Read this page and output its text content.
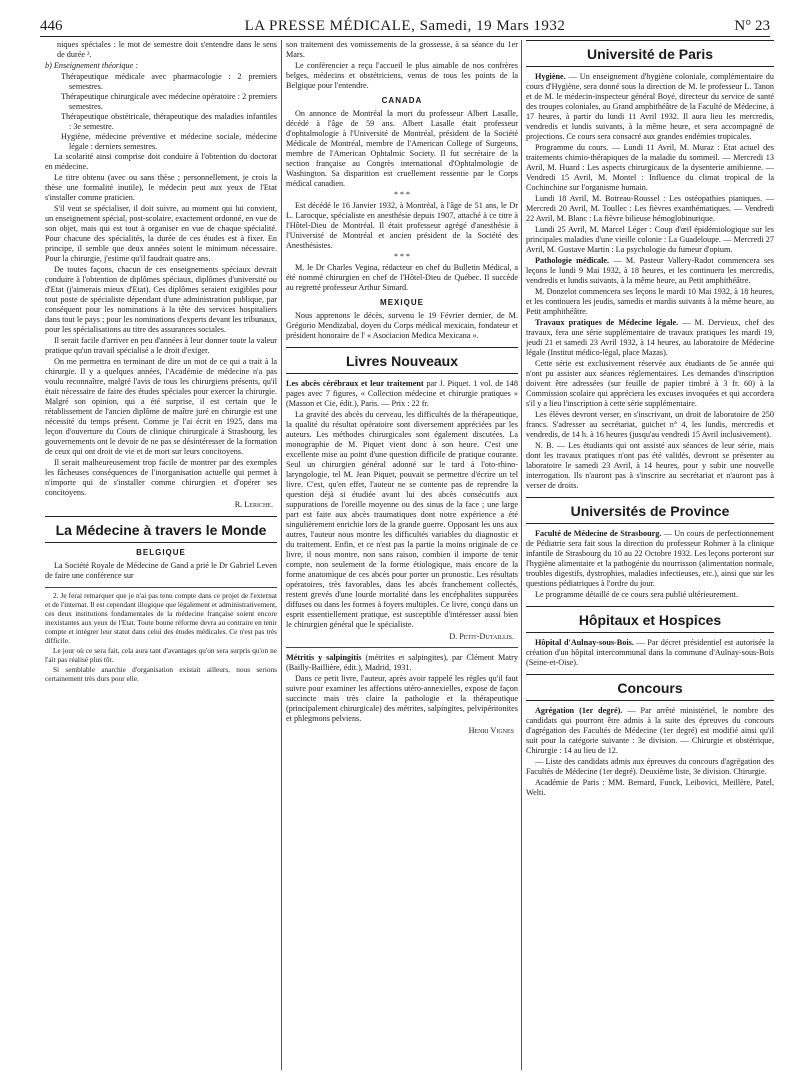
446	LA PRESSE MÉDICALE, Samedi, 19 Mars 1932	N° 23

niques spéciales : le mot de semestre doit s'entendre dans le sens de durée ².

b) Enseignement théorique :

Thérapeutique médicale avec pharmacologie : 2 premiers semestres.

Thérapeutique chirurgicale avec médecine opératoire : 2 premiers semestres.

Thérapeutique obstétricale, thérapeutique des maladies infantiles : 3e semestre.

Hygiène, médecine préventive et médecine sociale, médecine légale : derniers semestres.

La scolarité ainsi comprise doit conduire à l'obtention du doctorat en médecine.

Le titre obtenu (avec ou sans thèse ; personnellement, je crois la thèse une formalité inutile), le médecin peut aux yeux de l'Etat s'installer comme praticien.

S'il veut se spécialiser, il doit suivre, au moment qui lui convient, un enseignement spécial, post-scolaire, exactement ordonné, en vue de son objet, mais qui est tout à organiser en vue de chaque spécialité. Pour chacune des spécialités, la durée de ces études est à fixer. En principe, il semble que deux années soient le minimum nécessaire. Pour la chirurgie, j'estime qu'il faudrait quatre ans.

De toutes façons, chacun de ces enseignements spéciaux devrait conduire à l'obtention de diplômes spéciaux, diplômes d'université ou d'Etat (j'aimerais mieux d'Etat). Ces diplômes seraient exigibles pour tout poste de spécialiste dépendant d'une administration publique, par conséquent pour les nominations à la tête des services hospitaliers dans tout le pays ; pour les nominations d'experts devant les tribunaux, pour les spécialisations au titre des assurances sociales.

Il serait facile d'arriver en peu d'années à leur donner toute la valeur pratique qu'un travail spécialisé a le droit d'exiger.

On me permettra en terminant de dire un mot de ce qui a trait à la chirurgie. Il y a quelques années, l'Académie de médecine n'a pas voulu reconnaître, malgré l'avis de tous les chirurgiens présents, qu'il était nécessaire de faire des études spéciales pour exercer la chirurgie. Malgré son opinion, qui a été surprise, il est certain que le rétablissement de l'ancien diplôme de maître juré en chirurgie est une nécessité du temps présent. Comme je l'ai écrit en 1925, dans ma leçon d'ouverture du Cours de clinique chirurgicale à Strasbourg, les gouvernements ont le devoir de ne pas se désintéresser de la formation de ceux qui ont droit de vie et de mort sur leurs concitoyens.

Il serait malheureusement trop facile de montrer par des exemples les fâcheuses conséquences de l'inorganisation actuelle qui permet à n'importe qui de s'installer comme chirurgien et d'opérer ses concitoyens.

R. Leriche.
La Médecine à travers le Monde
BELGIQUE

La Société Royale de Médecine de Gand a prié le Dr Gabriel Leven de faire une conférence sur

2. Je ferai remarquer que je n'ai pas tenu compte dans ce projet de l'externat et de l'internat. Il est cependant illogique que légalement et administrativement, ces deux institutions fondamentales de la médecine française soient encore inexistantes aux yeux de l'Etat. Toute bonne réforme devra au contraire en tenir compte et intégrer leur statut dans celui des études médicales. Ce n'est pas très difficile.

Le jour où ce sera fait, cela aura tant d'avantages qu'on sera surpris qu'on ne l'ait pas réalisé plus tôt.

Si semblable anarchie d'organisation existait ailleurs, nous serions certainement très durs pour elle.

son traitement des vomissements de la grossesse, à sa séance du 1er Mars.

Le conférencier a reçu l'accueil le plus aimable de nos confrères belges, médecins et obstétriciens, venus de tous les points de la Belgique pour l'entendre.

CANADA

On annonce de Montréal la mort du professeur Albert Lasalle, décédé à l'âge de 59 ans. Albert Lasalle était professeur d'ophtalmologie à l'Université de Montréal, président de la Société Médicale de Montréal, membre de l'American College of Surgeons, membre de l'American Ophtalmic Society. Il fut secrétaire de la section française au Congrès international d'Ophtalmologie de Washington. Sa disparition est cruellement ressentie par le Corps médical canadien.

* * *

Est décédé le 16 Janvier 1932, à Montréal, à l'âge de 51 ans, le Dr L. Larocque, spécialiste en anesthésie depuis 1907, attaché à ce titre à l'Hôtel-Dieu de Montréal. Il était professeur agrégé d'anesthésie à l'Université de Montréal et ancien président de la Société des Anesthésistes.

* * *

M. le Dr Charles Vegina, rédacteur en chef du Bulletin Médical, a été nommé chirurgien en chef de l'Hôtel-Dieu de Québec. Il succède au regretté professeur Arthur Simard.

MEXIQUE

Nous apprenons le décès, survenu le 19 Février dernier, de M. Grégorio Mendizabal, doyen du Corps médical mexicain, fondateur et président honoraire de l' « Asociacion Medica Mexicana ».

Livres Nouveaux

Les abcès cérébraux et leur traitement par J. Piquet. 1 vol. de 148 pages avec 7 figures, « Collection médecine et chirurgie pratiques » (Masson et Cie, édit.), Paris. — Prix : 22 fr.

La gravité des abcès du cerveau, les difficultés de la thérapeutique, la qualité du résultat opératoire sont diversement appréciées par les auteurs. Les méthodes chirurgicales sont également discutées. La monographie de M. Piquet vient donc à son heure. C'est une excellente mise au point d'une question difficile de pratique courante. Seul un chirurgien général adonné sur le tard à l'oto-rhino-laryngologie, tel M. Jean Piquet, pouvait se permettre d'écrire un tel livre. C'est, qu'en effet, l'auteur ne se contente pas de reprendre la question déjà si étudiée avant lui des abcès consécutifs aux suppurations de l'oreille moyenne ou des sinus de la face ; une large part est faite aux abcès traumatiques dont notre expérience a été singulièrement enrichie lors de la grande guerre. Opposant les uns aux autres, l'auteur nous montre les difficultés variables du diagnostic et du traitement. Enfin, et ce n'est pas la partie la moins originale de ce livre, il nous montre, non sans raison, combien il importe de tenir compte, non seulement de la forme étiologique, mais encore de la forme anatomique de ces abcès pour porter un pronostic. Les résultats opératoires, très favorables, dans les abcès franchement collectés, restent grevés d'une lourde mortalité dans les encéphalites suppurées diffuses ou dans les formes à foyers multiples. Ce livre, conçu dans un esprit essentiellement pratique, est susceptible d'intéresser aussi bien le chirurgien général que le spécialiste.

D. Petit-Dutaillis.

Métritis y salpingitis (métrites et salpingites), par Clément Matry (Bailly-Baillière, édit.), Madrid, 1931.

Dans ce petit livre, l'auteur, après avoir rappelé les règles qu'il faut suivre pour examiner les affections utéro-annexielles, expose de façon succincte mais très claire la pathologie et la thérapeutique (principalement chirurgicale) des métrites, salpingites, pelvipéritonites et phlegmons pelviens.

Henri Vignes
Université de Paris

Hygiène. — Un enseignement d'hygiène coloniale, complémentaire du cours d'Hygiène, sera donné sous la direction de M. le professeur L. Tanon et de M. le médecin-inspecteur général Boyé, directeur du service de santé des troupes coloniales, au Grand amphithéâtre de la Faculté de Médecine, à 17 heures, à partir du lundi 11 Avril 1932. Il aura lieu les mercredis, vendredis et lundis suivants, à la même heure, et sera accompagné de projections. Ce cours sera consacré aux grandes endémies tropicales.

Programme du cours. — Lundi 11 Avril, M. Muraz : Etat actuel des traitements chimio-thérapiques de la maladie du sommeil. — Mercredi 13 Avril, M. Huard : Les aspects chirurgicaux de la dysenterie amibienne. — Vendredi 15 Avril, M. Montel : Influence du climat tropical de la Cochinchine sur l'organisme humain.

Lundi 18 Avril, M. Botreau-Roussel : Les ostéopathies pianiques. — Mercredi 20 Avril, M. Toullec : Les fièvres exanthématiques. — Vendredi 22 Avril, M. Blanc : La fièvre bilieuse hémoglobinurique.

Lundi 25 Avril, M. Marcel Léger : Coup d'œil épidémiologique sur les principales maladies d'une vieille colonie : La Guadeloupe. — Mercredi 27 Avril, M. Gustave Martin : La psychologie du fumeur d'opium.

Pathologie médicale. — M. Pasteur Vallery-Radot commencera ses leçons le lundi 9 Mai 1932, à 18 heures, et les continuera les mercredis, vendredis et lundis suivants, à la même heure, au Petit amphithéâtre.

M. Donzelot commencera ses leçons le mardi 10 Mai 1932, à 18 heures, et les continuera les jeudis, samedis et mardis suivants à la même heure, au Petit amphithéâtre.

Travaux pratiques de Médecine légale. — M. Dervieux, chef des travaux, fera une série supplémentaire de travaux pratiques les mardi 19, jeudi 21 et samedi 23 Avril 1932, à 14 heures, au laboratoire de Médecine légale (Institut médico-légal, place Mazas).

Cette série est exclusivement réservée aux étudiants de 5e année qui n'ont pu assister aux séances réglementaires. Les demandes d'inscription doivent être adressées (sur feuille de papier timbré à 3 fr. 60) à la Commission scolaire qui appréciera les excuses invoquées et qui accordera s'il y a lieu l'inscription à cette série supplémentaire.

Les élèves devront verser, en s'inscrivant, un droit de laboratoire de 250 francs. S'adresser au secrétariat, guichet n° 4, les lundis, mercredis et vendredis, de 14 h. à 16 heures (jusqu'au vendredi 15 Avril inclusivement).

N. B. — Les étudiants qui ont assisté aux séances de leur série, mais dont les travaux pratiques n'ont pas été validés, devront se présenter au laboratoire le samedi 23 Avril, à 14 heures, pour y subir une nouvelle interrogation. Ils n'auront pas à s'inscrire au secrétariat et n'auront pas à verser de droits.

Universités de Province

Faculté de Médecine de Strasbourg. — Un cours de perfectionnement de Pédiatrie sera fait sous la direction du professeur Rohmer à la clinique infantile de Strasbourg du 10 au 22 Octobre 1932. Les leçons porteront sur l'hygiène alimentaire et la pathogénie du nourrisson (alimentation normale, troubles digestifs, dystrophies, maladies infectieuses, etc.), ainsi que sur les questions pédiatriques à l'ordre du jour.

Le programme détaillé de ce cours sera publié ultérieurement.

Hôpitaux et Hospices

Hôpital d'Aulnay-sous-Bois. — Par décret présidentiel est autorisée la création d'un hôpital intercommunal dans la commune d'Aulnay-sous-Bois (Seine-et-Oise).

Concours

Agrégation (1er degré). — Par arrêté ministériel, le nombre des candidats qui pourront être admis à la suite des épreuves du concours d'agrégation des Facultés de Médecine (1er degré) est modifié ainsi qu'il suit pour la catégorie suivante : 3e division. — Chirurgie et obstétrique, Chirurgie : 14 au lieu de 12.

— Liste des candidats admis aux épreuves du concours d'agrégation des Facultés de Médecine (1er degré). Deuxième liste, 3e division. Chirurgie.

Académie de Paris : MM. Bernard, Funck, Leibovici, Meillère, Patel, Welti.
